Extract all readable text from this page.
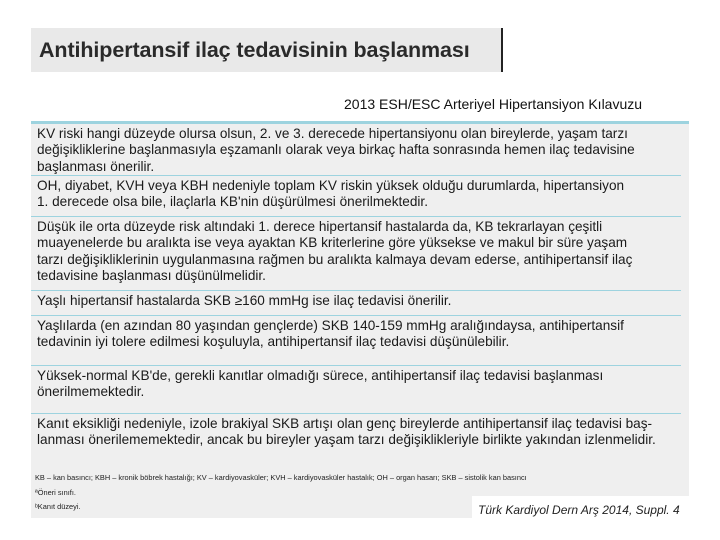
Antihipertansif ilaç tedavisinin başlanması
2013 ESH/ESC Arteriyel Hipertansiyon Kılavuzu
KV riski hangi düzeyde olursa olsun, 2. ve 3. derecede hipertansiyonu olan bireylerde, yaşam tarzı
değişikliklerine başlanmasıyla eşzamanlı olarak veya birkaç hafta sonrasında hemen ilaç tedavisine
başlanması önerilir.
OH, diyabet, KVH veya KBH nedeniyle toplam KV riskin yüksek olduğu durumlarda, hipertansiyon
1. derecede olsa bile, ilaçlarla KB'nin düşürülmesi önerilmektedir.
Düşük ile orta düzeyde risk altındaki 1. derece hipertansif hastalarda da, KB tekrarlayan çeşitli
muayenelerde bu aralıkta ise veya ayaktan KB kriterlerine göre yüksekse ve makul bir süre yaşam
tarzı değişikliklerinin uygulanmasına rağmen bu aralıkta kalmaya devam ederse, antihipertansif ilaç
tedavisine başlanması düşünülmelidir.
Yaşlı hipertansif hastalarda SKB ≥160 mmHg ise ilaç tedavisi önerilir.
Yaşlılarda (en azından 80 yaşından gençlerde) SKB 140-159 mmHg aralığındaysa, antihipertansif
tedavinin iyi tolere edilmesi koşuluyla, antihipertansif ilaç tedavisi düşünülebilir.
Yüksek-normal KB'de, gerekli kanıtlar olmadığı sürece, antihipertansif ilaç tedavisi başlanması
önerilmemektedir.
Kanıt eksikliği nedeniyle, izole brakiyal SKB artışı olan genç bireylerde antihipertansif ilaç tedavisi baş-
lanması önerilememektedir, ancak bu bireyler yaşam tarzı değişiklikleriyle birlikte yakından izlenmelidir.
KB – kan basıncı; KBH – kronik böbrek hastalığı; KV – kardiyovasküler; KVH – kardiyovasküler hastalık; OH – organ hasarı; SKB – sistolik kan basıncı
ªÖneri sınıfı.
ᵇKanıt düzeyi.	Türk Kardiyol Dern Arş 2014, Suppl. 4
